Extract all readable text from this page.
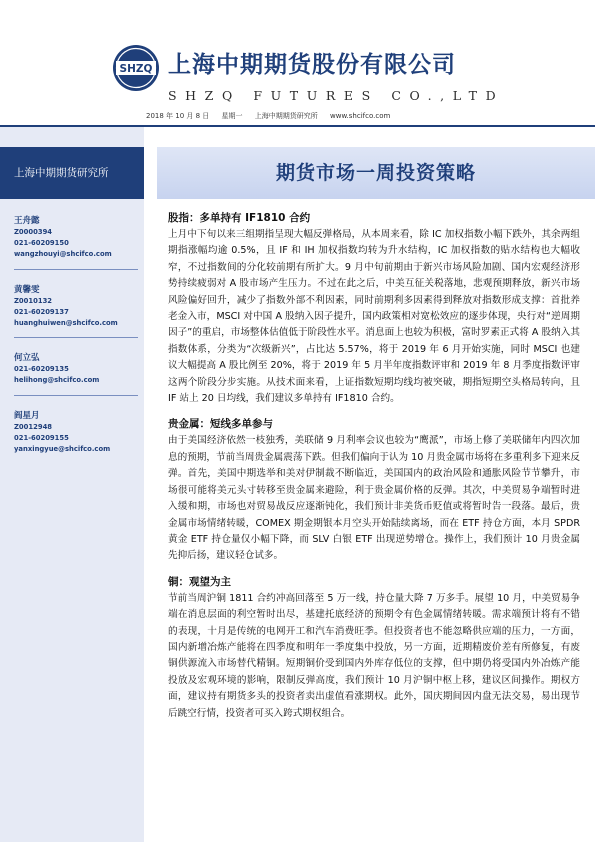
SHZQ 上海中期期货股份有限公司
SHZQ FUTURES CO.,LTD
2018 年 10 月 8 日 星期一 上海中期期货研究所 www.shcifco.com
上海中期期货研究所
王舟懿
Z0000394
021-60209150
wangzhouyi@shcifco.com
黄馨雯
Z0010132
021-60209137
huanghuiwen@shcifco.com
何立弘
021-60209135
helihong@shcifco.com
阎星月
Z0012948
021-60209155
yanxingyue@shcifco.com
期货市场一周投资策略
股指：多单持有 IF1810 合约

上月中下旬以来三组期指呈现大幅反弹格局，从本周来看，除 IC 加权指数小幅下跌外，其余两组期指涨幅均逾 0.5%，且 IF 和 IH 加权指数均转为升水结构，IC 加权指数的贴水结构也大幅收窄，不过指数间的分化较前期有所扩大。9 月中旬前期由于新兴市场风险加剧、国内宏观经济形势持续疲弱对 A 股市场产生压力。不过在此之后，中美互征关税落地，悲观预期释放，新兴市场风险偏好回升，减少了指数外部不利因素，同时前期利多因素得到释放对指数形成支撑：首批养老金入市，MSCI 对中国 A 股纳入因子提升，国内政策相对宽松效应的逐步体现，央行对“逆周期因子”的重启，市场整体估值低于阶段性水平。消息面上也较为积极，富时罗素正式将 A 股纳入其指数体系，分类为“次级新兴”，占比达 5.57%，将于 2019 年 6 月开始实施，同时 MSCI 也建议大幅提高 A 股比例至 20%，将于 2019 年 5 月半年度指数评审和 2019 年 8 月季度指数评审这两个阶段分步实施。从技术面来看，上证指数短期均线均被突破，期指短期空头格局转向，且 IF 站上 20 日均线，我们建议多单持有 IF1810 合约。

贵金属：短线多单参与

由于美国经济依然一枝独秀，美联储 9 月利率会议也较为“鹰派”，市场上修了美联储年内四次加息的预期，节前当周贵金属震荡下跌。但我们偏向于认为 10 月贵金属市场将在多重利多下迎来反弹。首先，美国中期选举和美对伊制裁不断临近，美国国内的政治风险和通胀风险节节攀升，市场很可能将美元头寸转移至贵金属来避险，利于贵金属价格的反弹。其次，中美贸易争端暂时进入缓和期，市场也对贸易战反应逐渐钝化，我们预计非美货币贬值或将暂时告一段落。最后，贵金属市场情绪转暖，COMEX 期金期银本月空头开始陆续离场，而在 ETF 持仓方面，本月 SPDR 黄金 ETF 持仓量仅小幅下降，而 SLV 白银 ETF 出现逆势增仓。操作上，我们预计 10 月贵金属先抑后扬，建议轻仓试多。

铜：观望为主

节前当周沪铜 1811 合约冲高回落至 5 万一线，持仓量大降 7 万多手。展望 10 月，中美贸易争端在消息层面的利空暂时出尽，基建托底经济的预期令有色金属情绪转暖。需求端预计将有不错的表现，十月是传统的电网开工和汽车消费旺季。但投资者也不能忽略供应端的压力，一方面，国内新增冶炼产能将在四季度和明年一季度集中投放，另一方面，近期精废价差有所修复，有废铜供源流入市场替代精铜。短期铜价受到国内外库存低位的支撑，但中期仍将受国内外冶炼产能投放及宏观环境的影响，限制反弹高度，我们预计 10 月沪铜中枢上移，建议区间操作。期权方面，建议持有期货多头的投资者卖出虚值看涨期权。此外，国庆期间因内盘无法交易，易出现节后跳空行情，投资者可买入跨式期权组合。
